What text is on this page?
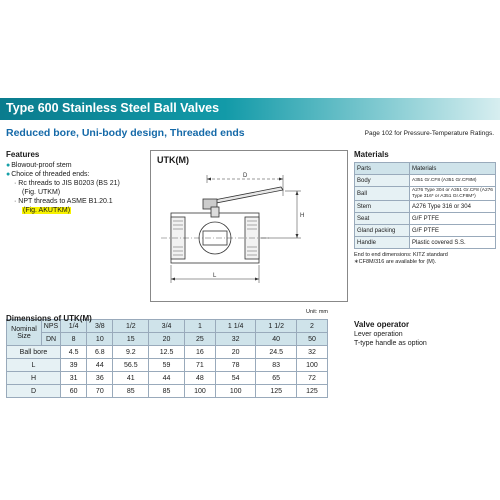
Type 600 Stainless Steel Ball Valves
Reduced bore, Uni-body design, Threaded ends	Page 102 for Pressure-Temperature Ratings.
Features
● Blowout-proof stem
● Choice of threaded ends:
· Rc threads to JIS B0203 (BS 21)
(Fig. UTKM)
· NPT threads to ASME B1.20.1
(Fig. AKUTKM)
UTK(M)
D
L
H
Materials
Parts	Materials
Body	A351 Gr.CF8 (A351 Gr.CF8M)
Ball	A276 Type 304 or A351 Gr.CF8 (A276 Type 316* or A351 Gr.CF8M*)
Stem	A276 Type 316 or 304
Seat	G/F PTFE
Gland packing	G/F PTFE
Handle	Plastic covered S.S.
End to end dimensions: KITZ standard
∗CF8M/316 are available for (M).
Dimensions of UTK(M)
Unit: mm
Nominal Size	NPS	1/4	3/8	1/2	3/4	1	1 1/4	1 1/2	2
	DN	8	10	15	20	25	32	40	50
Ball bore		4.5	6.8	9.2	12.5	16	20	24.5	32
L		39	44	56.5	59	71	78	83	100
H		31	36	41	44	48	54	65	72
D		60	70	85	85	100	100	125	125
Valve operator
Lever operation
T-type handle as option
